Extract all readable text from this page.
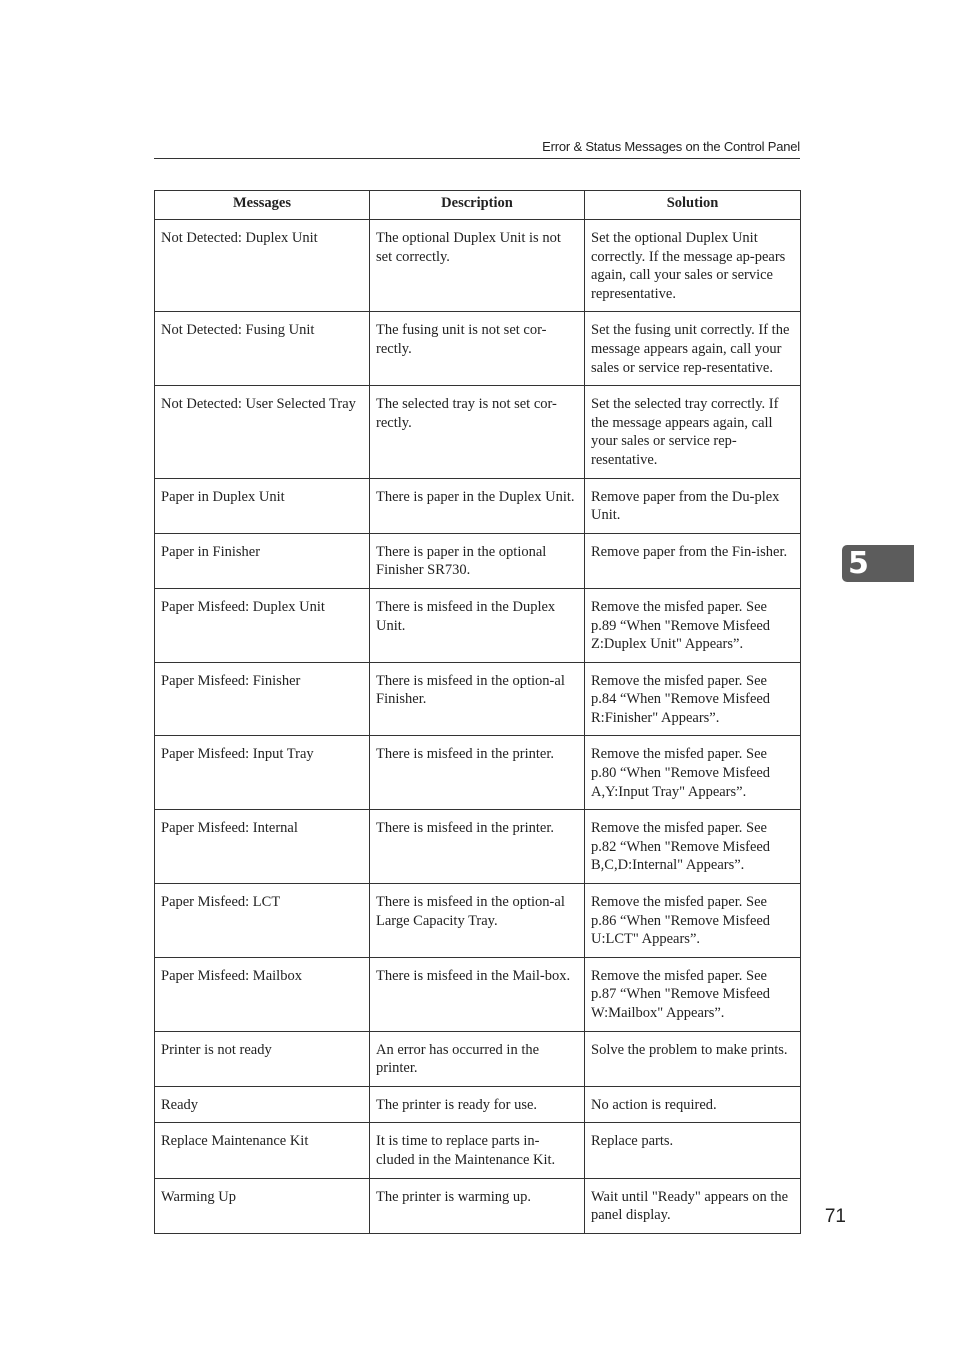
Error & Status Messages on the Control Panel
Messages	Description	Solution
Not Detected: Duplex Unit	The optional Duplex Unit is not set correctly.	Set the optional Duplex Unit correctly. If the message ap-pears again, call your sales or service representative.
Not Detected: Fusing Unit	The fusing unit is not set cor-rectly.	Set the fusing unit correctly. If the message appears again, call your sales or service rep-resentative.
Not Detected: User Selected Tray	The selected tray is not set cor-rectly.	Set the selected tray correctly. If the message appears again, call your sales or service rep-resentative.
Paper in Duplex Unit	There is paper in the Duplex Unit.	Remove paper from the Du-plex Unit.
Paper in Finisher	There is paper in the optional Finisher SR730.	Remove paper from the Fin-isher.
Paper Misfeed: Duplex Unit	There is misfeed in the Duplex Unit.	Remove the misfed paper. See p.89 “When "Remove Misfeed Z:Duplex Unit" Appears”.
Paper Misfeed: Finisher	There is misfeed in the option-al Finisher.	Remove the misfed paper. See p.84 “When "Remove Misfeed R:Finisher" Appears”.
Paper Misfeed: Input Tray	There is misfeed in the printer.	Remove the misfed paper. See p.80 “When "Remove Misfeed A,Y:Input Tray" Appears”.
Paper Misfeed: Internal	There is misfeed in the printer.	Remove the misfed paper. See p.82 “When "Remove Misfeed B,C,D:Internal" Appears”.
Paper Misfeed: LCT	There is misfeed in the option-al Large Capacity Tray.	Remove the misfed paper. See p.86 “When "Remove Misfeed U:LCT" Appears”.
Paper Misfeed: Mailbox	There is misfeed in the Mail-box.	Remove the misfed paper. See p.87 “When "Remove Misfeed W:Mailbox" Appears”.
Printer is not ready	An error has occurred in the printer.	Solve the problem to make prints.
Ready	The printer is ready for use.	No action is required.
Replace Maintenance Kit	It is time to replace parts in-cluded in the Maintenance Kit.	Replace parts.
Warming Up	The printer is warming up.	Wait until "Ready" appears on the panel display.
5
71
